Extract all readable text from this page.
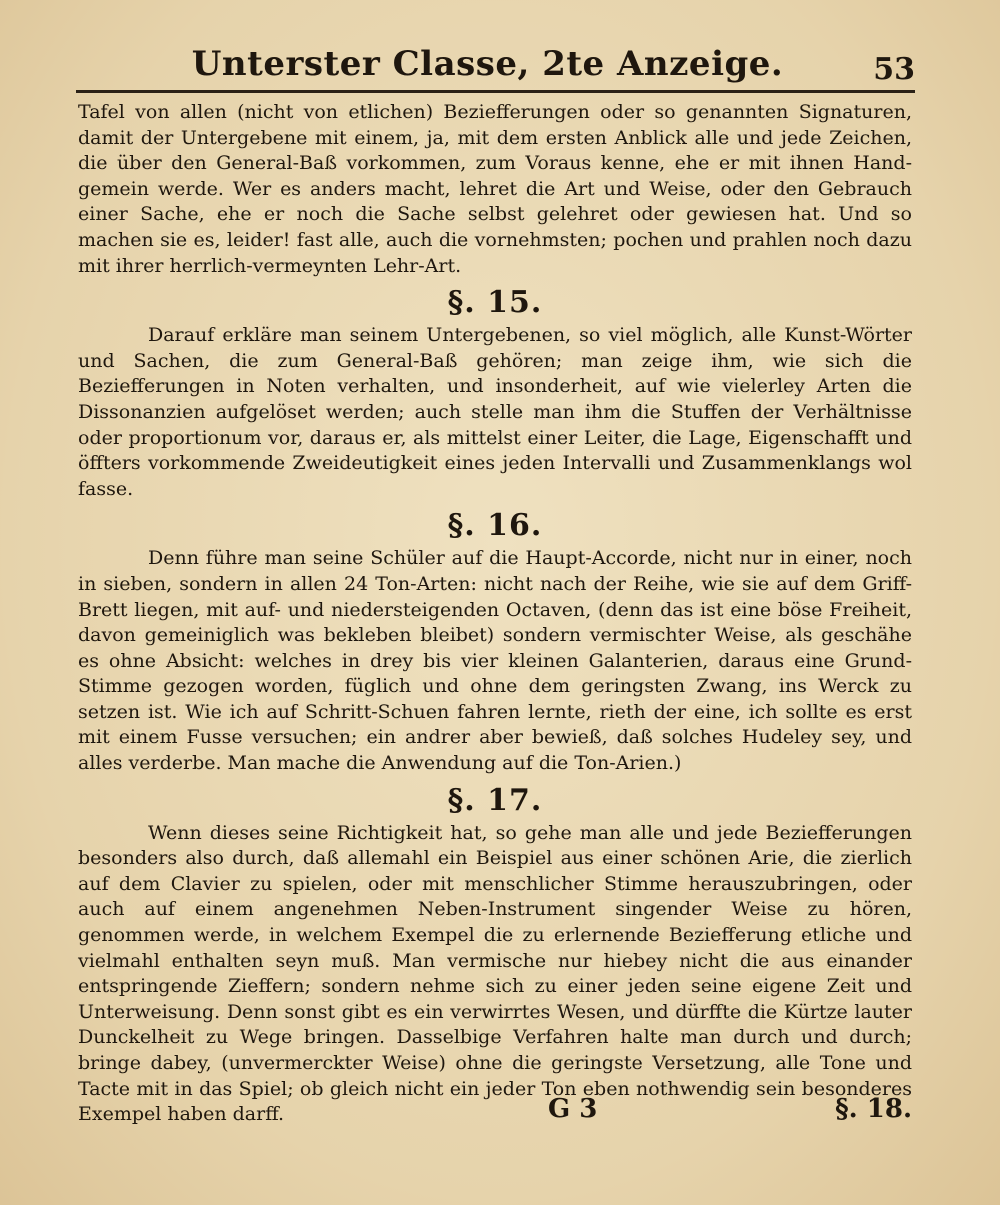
Unterster Classe, 2te Anzeige.	53

Tafel von allen (nicht von etlichen) Beziefferungen oder so genannten Signaturen, damit der Untergebene mit einem, ja, mit dem ersten Anblick alle und jede Zeichen, die über den General-Baß vorkommen, zum Voraus kenne, ehe er mit ihnen Hand-gemein werde. Wer es anders macht, lehret die Art und Weise, oder den Gebrauch einer Sache, ehe er noch die Sache selbst gelehret oder gewiesen hat. Und so machen sie es, leider! fast alle, auch die vornehmsten; pochen und prahlen noch dazu mit ihrer herrlich-vermeynten Lehr-Art.

§. 15.

Darauf erkläre man seinem Untergebenen, so viel möglich, alle Kunst-Wörter und Sachen, die zum General-Baß gehören; man zeige ihm, wie sich die Beziefferungen in Noten verhalten, und insonderheit, auf wie vielerley Arten die Dissonanzien aufgelöset werden; auch stelle man ihm die Stuffen der Verhältnisse oder proportionum vor, daraus er, als mittelst einer Leiter, die Lage, Eigenschafft und öffters vorkommende Zweideutigkeit eines jeden Intervalli und Zusammenklangs wol fasse.

§. 16.

Denn führe man seine Schüler auf die Haupt-Accorde, nicht nur in einer, noch in sieben, sondern in allen 24 Ton-Arten: nicht nach der Reihe, wie sie auf dem Griff-Brett liegen, mit auf- und niedersteigenden Octaven, (denn das ist eine böse Freiheit, davon gemeiniglich was bekleben bleibet) sondern vermischter Weise, als geschähe es ohne Absicht: welches in drey bis vier kleinen Galanterien, daraus eine Grund-Stimme gezogen worden, füglich und ohne dem geringsten Zwang, ins Werck zu setzen ist. Wie ich auf Schritt-Schuen fahren lernte, rieth der eine, ich sollte es erst mit einem Fusse versuchen; ein andrer aber bewieß, daß solches Hudeley sey, und alles verderbe. Man mache die Anwendung auf die Ton-Arien.)

§. 17.

Wenn dieses seine Richtigkeit hat, so gehe man alle und jede Beziefferungen besonders also durch, daß allemahl ein Beispiel aus einer schönen Arie, die zierlich auf dem Clavier zu spielen, oder mit menschlicher Stimme herauszubringen, oder auch auf einem angenehmen Neben-Instrument singender Weise zu hören, genommen werde, in welchem Exempel die zu erlernende Beziefferung etliche und vielmahl enthalten seyn muß. Man vermische nur hiebey nicht die aus einander entspringende Zieffern; sondern nehme sich zu einer jeden seine eigene Zeit und Unterweisung. Denn sonst gibt es ein verwirrtes Wesen, und dürffte die Kürtze lauter Dunckelheit zu Wege bringen. Dasselbige Verfahren halte man durch und durch; bringe dabey, (unvermerckter Weise) ohne die geringste Versetzung, alle Tone und Tacte mit in das Spiel; ob gleich nicht ein jeder Ton eben nothwendig sein besonderes Exempel haben darff.	G 3	§. 18.
